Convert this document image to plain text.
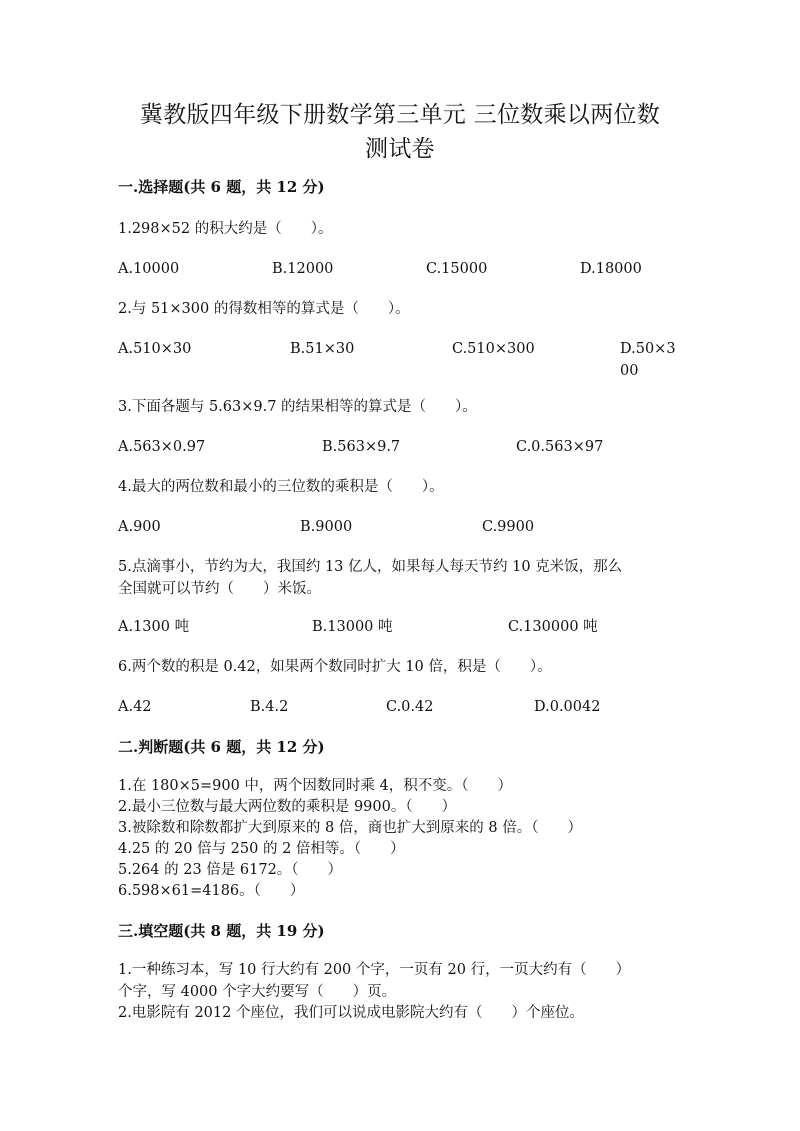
冀教版四年级下册数学第三单元 三位数乘以两位数
测试卷
一.选择题(共 6 题，共 12 分)
1.298×52 的积大约是（　　）。
A.10000	B.12000	C.15000	D.18000
2.与 51×300 的得数相等的算式是（　　）。
A.510×30	B.51×30	C.510×300	D.50×300
3.下面各题与 5.63×9.7 的结果相等的算式是（　　）。
A.563×0.97	B.563×9.7	C.0.563×97
4.最大的两位数和最小的三位数的乘积是（　　）。
A.900	B.9000	C.9900
5.点滴事小，节约为大，我国约 13 亿人，如果每人每天节约 10 克米饭，那么
全国就可以节约（　　）米饭。
A.1300 吨	B.13000 吨	C.130000 吨
6.两个数的积是 0.42，如果两个数同时扩大 10 倍，积是（　　）。
A.42	B.4.2	C.0.42	D.0.0042
二.判断题(共 6 题，共 12 分)
1.在 180×5=900 中，两个因数同时乘 4，积不变。（　　）
2.最小三位数与最大两位数的乘积是 9900。（　　）
3.被除数和除数都扩大到原来的 8 倍，商也扩大到原来的 8 倍。（　　）
4.25 的 20 倍与 250 的 2 倍相等。（　　）
5.264 的 23 倍是 6172。（　　）
6.598×61=4186。（　　）
三.填空题(共 8 题，共 19 分)
1.一种练习本，写 10 行大约有 200 个字，一页有 20 行，一页大约有（　　）
个字，写 4000 个字大约要写（　　）页。
2.电影院有 2012 个座位，我们可以说成电影院大约有（　　）个座位。
